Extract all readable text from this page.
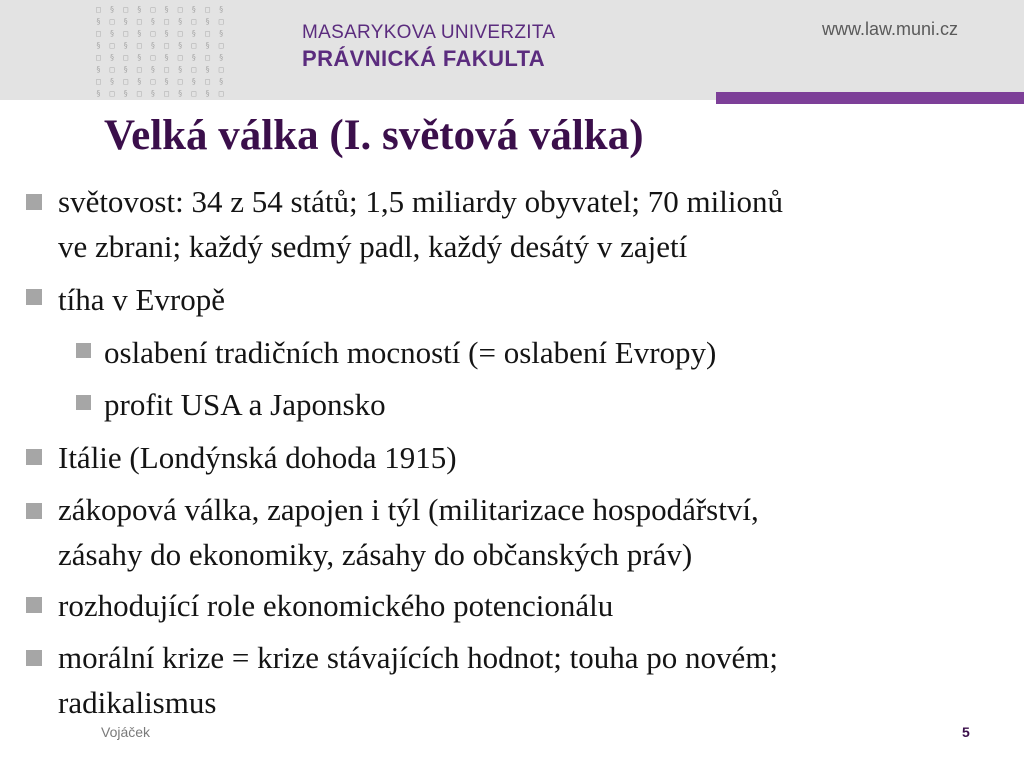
□ § □ § □ § □ § □ §
§ □ § □ § □ § □ § □
□ § □ § □ § □ § □ §
§ □ § □ § □ § □ § □
□ § □ § □ § □ § □ §
§ □ § □ § □ § □ § □
□ § □ § □ § □ § □ §
§ □ § □ § □ § □ § □
MASARYKOVA UNIVERZITA
PRÁVNICKÁ FAKULTA
www.law.muni.cz
Velká válka (I. světová válka)
světovost: 34 z 54 států; 1,5 miliardy obyvatel; 70 milionů
ve zbrani; každý sedmý padl, každý desátý v zajetí
tíha v Evropě
oslabení tradičních mocností (= oslabení Evropy)
profit USA a Japonsko
Itálie (Londýnská dohoda 1915)
zákopová válka, zapojen i týl (militarizace hospodářství,
zásahy do ekonomiky, zásahy do občanských práv)
rozhodující role ekonomického potencionálu
morální krize = krize stávajících hodnot; touha po novém;
radikalismus
Vojáček	5
